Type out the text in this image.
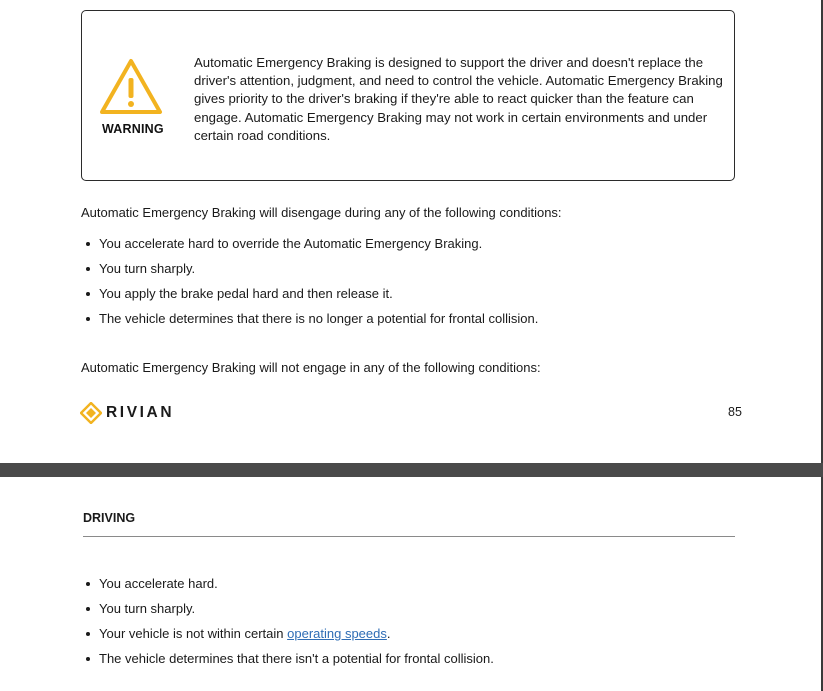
WARNING
Automatic Emergency Braking is designed to support the driver and doesn't replace the driver's attention, judgment, and need to control the vehicle. Automatic Emergency Braking gives priority to the driver's braking if they're able to react quicker than the feature can engage. Automatic Emergency Braking may not work in certain environments and under certain road conditions.
Automatic Emergency Braking will disengage during any of the following conditions:
You accelerate hard to override the Automatic Emergency Braking.
You turn sharply.
You apply the brake pedal hard and then release it.
The vehicle determines that there is no longer a potential for frontal collision.
Automatic Emergency Braking will not engage in any of the following conditions:
RIVIAN	85
DRIVING
You accelerate hard.
You turn sharply.
Your vehicle is not within certain operating speeds.
The vehicle determines that there isn't a potential for frontal collision.
